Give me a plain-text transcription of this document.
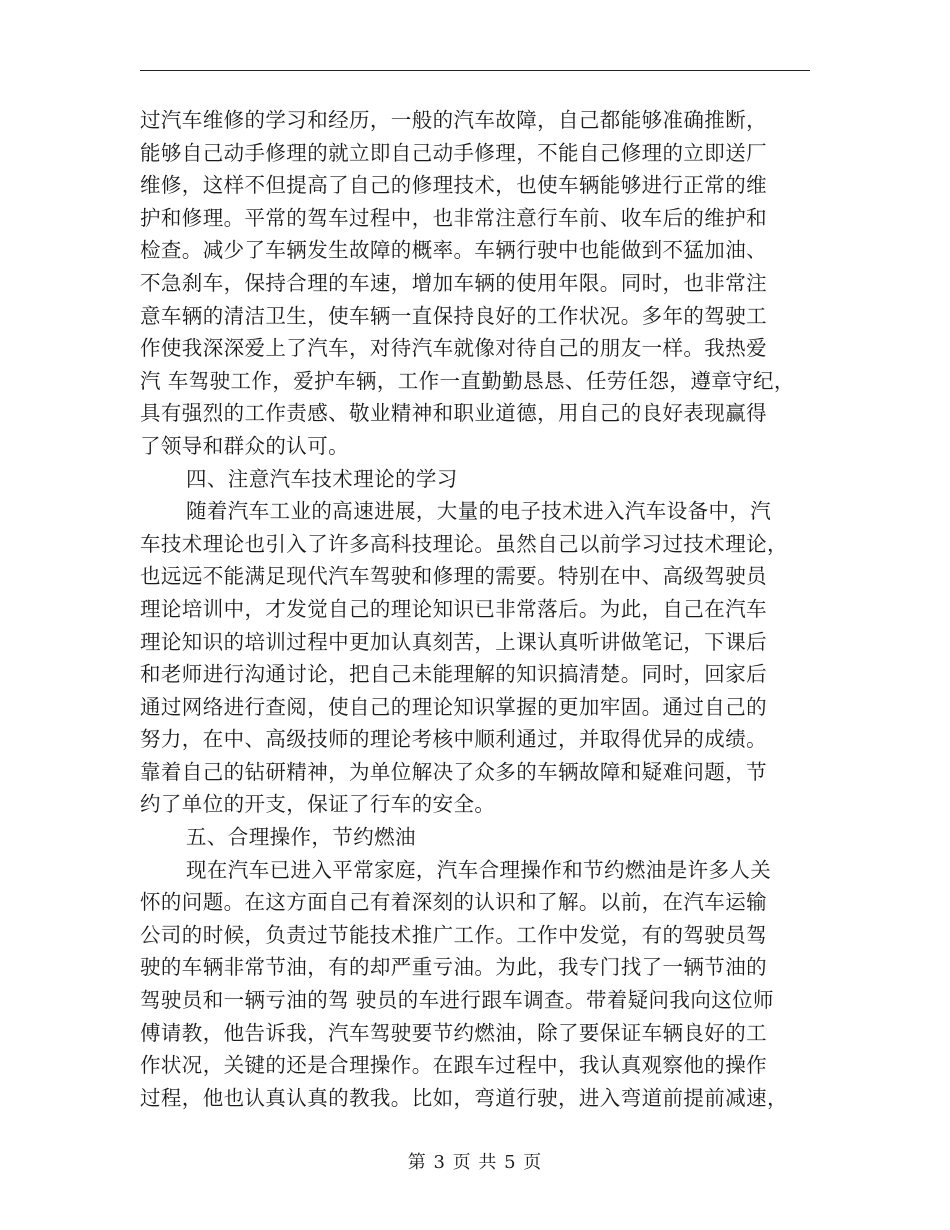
过汽车维修的学习和经历，一般的汽车故障，自己都能够准确推断，
能够自己动手修理的就立即自己动手修理，不能自己修理的立即送厂
维修，这样不但提高了自己的修理技术，也使车辆能够进行正常的维
护和修理。平常的驾车过程中，也非常注意行车前、收车后的维护和
检查。减少了车辆发生故障的概率。车辆行驶中也能做到不猛加油、
不急刹车，保持合理的车速，增加车辆的使用年限。同时，也非常注
意车辆的清洁卫生，使车辆一直保持良好的工作状况。多年的驾驶工
作使我深深爱上了汽车，对待汽车就像对待自己的朋友一样。我热爱
汽 车驾驶工作，爱护车辆，工作一直勤勤恳恳、任劳任怨，遵章守纪，
具有强烈的工作责感、敬业精神和职业道德，用自己的良好表现赢得
了领导和群众的认可。
四、注意汽车技术理论的学习
随着汽车工业的高速进展，大量的电子技术进入汽车设备中，汽
车技术理论也引入了许多高科技理论。虽然自己以前学习过技术理论，
也远远不能满足现代汽车驾驶和修理的需要。特别在中、高级驾驶员
理论培训中，才发觉自己的理论知识已非常落后。为此，自己在汽车
理论知识的培训过程中更加认真刻苦，上课认真听讲做笔记，下课后
和老师进行沟通讨论，把自己未能理解的知识搞清楚。同时，回家后
通过网络进行查阅，使自己的理论知识掌握的更加牢固。通过自己的
努力，在中、高级技师的理论考核中顺利通过，并取得优异的成绩。
靠着自己的钻研精神，为单位解决了众多的车辆故障和疑难问题，节
约了单位的开支，保证了行车的安全。
五、合理操作，节约燃油
现在汽车已进入平常家庭，汽车合理操作和节约燃油是许多人关
怀的问题。在这方面自己有着深刻的认识和了解。以前，在汽车运输
公司的时候，负责过节能技术推广工作。工作中发觉，有的驾驶员驾
驶的车辆非常节油，有的却严重亏油。为此，我专门找了一辆节油的
驾驶员和一辆亏油的驾 驶员的车进行跟车调查。带着疑问我向这位师
傅请教，他告诉我，汽车驾驶要节约燃油，除了要保证车辆良好的工
作状况，关键的还是合理操作。在跟车过程中，我认真观察他的操作
过程，他也认真认真的教我。比如，弯道行驶，进入弯道前提前减速，
第 3 页 共 5 页
